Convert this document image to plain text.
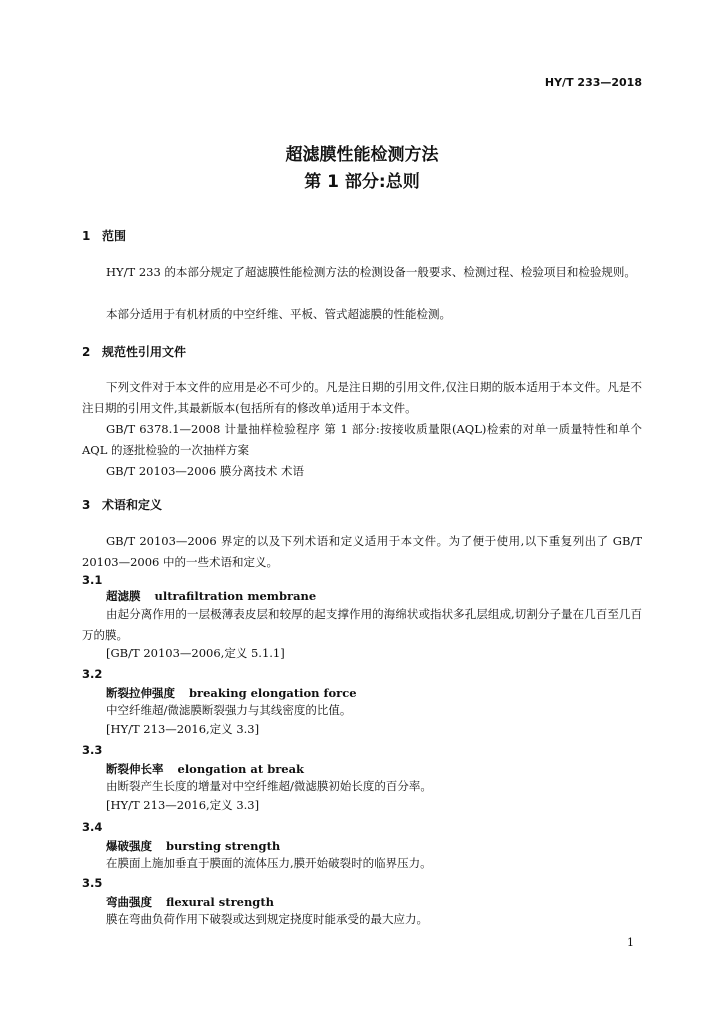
HY/T 233—2018
超滤膜性能检测方法
第 1 部分:总则
1 范围
HY/T 233 的本部分规定了超滤膜性能检测方法的检测设备一般要求、检测过程、检验项目和检验规则。
本部分适用于有机材质的中空纤维、平板、管式超滤膜的性能检测。
2 规范性引用文件
下列文件对于本文件的应用是必不可少的。凡是注日期的引用文件,仅注日期的版本适用于本文件。凡是不注日期的引用文件,其最新版本(包括所有的修改单)适用于本文件。
GB/T 6378.1—2008 计量抽样检验程序 第 1 部分:按接收质量限(AQL)检索的对单一质量特性和单个 AQL 的逐批检验的一次抽样方案
GB/T 20103—2006 膜分离技术 术语
3 术语和定义
GB/T 20103—2006 界定的以及下列术语和定义适用于本文件。为了便于使用,以下重复列出了 GB/T 20103—2006 中的一些术语和定义。
3.1
超滤膜 ultrafiltration membrane
由起分离作用的一层极薄表皮层和较厚的起支撑作用的海绵状或指状多孔层组成,切割分子量在几百至几百万的膜。
[GB/T 20103—2006,定义 5.1.1]
3.2
断裂拉伸强度 breaking elongation force
中空纤维超/微滤膜断裂强力与其线密度的比值。
[HY/T 213—2016,定义 3.3]
3.3
断裂伸长率 elongation at break
由断裂产生长度的增量对中空纤维超/微滤膜初始长度的百分率。
[HY/T 213—2016,定义 3.3]
3.4
爆破强度 bursting strength
在膜面上施加垂直于膜面的流体压力,膜开始破裂时的临界压力。
3.5
弯曲强度 flexural strength
膜在弯曲负荷作用下破裂或达到规定挠度时能承受的最大应力。
1
